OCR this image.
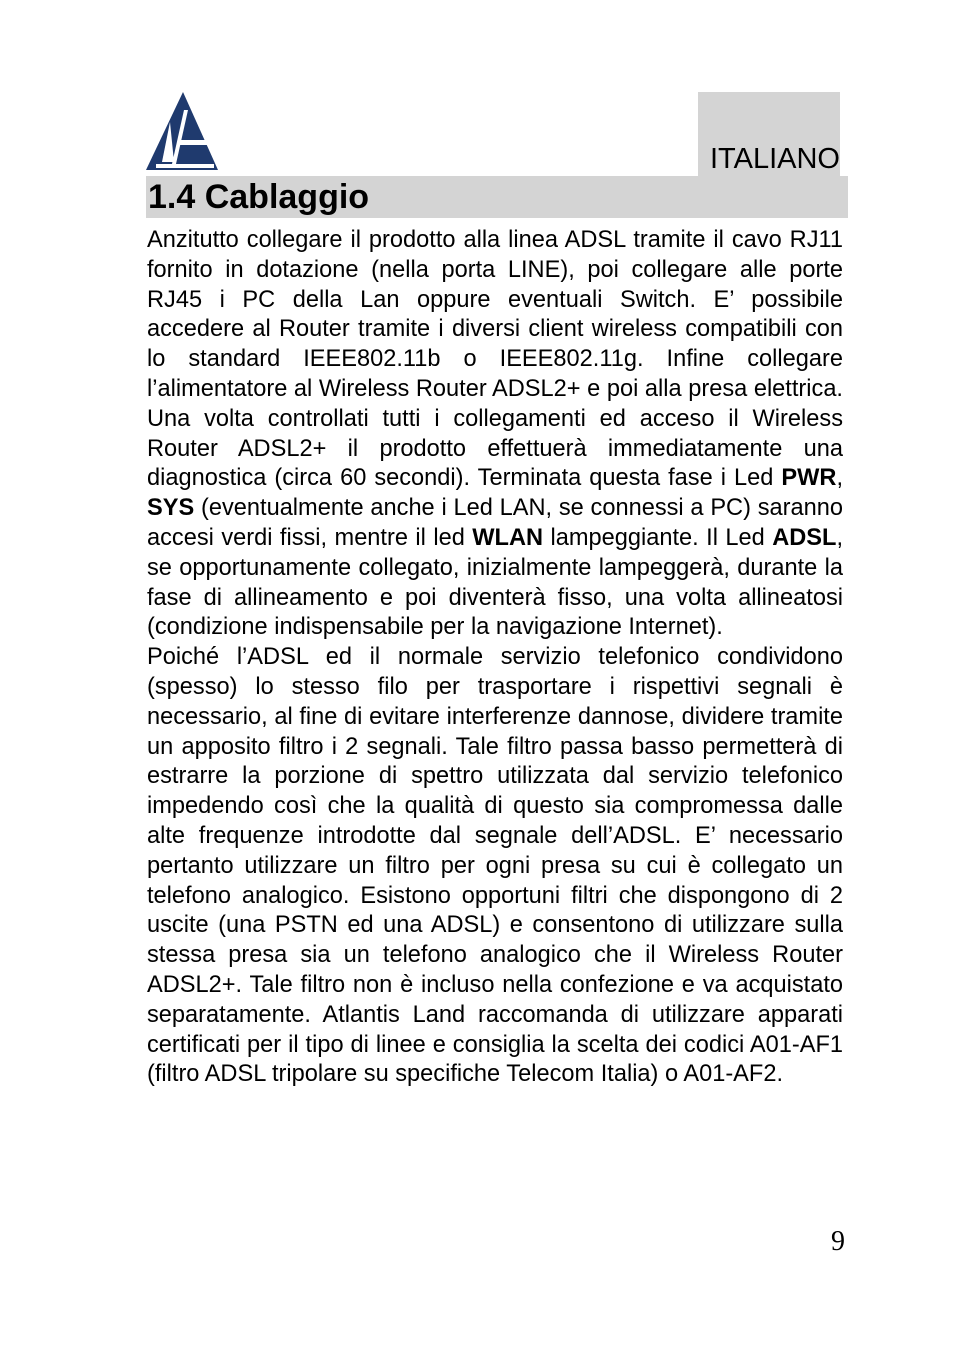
ITALIANO
1.4 Cablaggio

Anzitutto collegare il prodotto alla linea ADSL tramite il cavo RJ11 fornito in dotazione (nella porta LINE), poi collegare alle porte RJ45 i PC della Lan oppure eventuali Switch. E’ possibile accedere al Router tramite i diversi client wireless compatibili con lo standard IEEE802.11b o IEEE802.11g. Infine collegare l’alimentatore al Wireless Router ADSL2+ e poi alla presa elettrica. Una volta controllati tutti i collegamenti ed acceso il Wireless Router ADSL2+ il prodotto effettuerà immediatamente una diagnostica (circa 60 secondi). Terminata questa fase i Led PWR, SYS (eventualmente anche i Led LAN, se connessi a PC) saranno accesi verdi fissi, mentre il led WLAN lampeggiante. Il Led ADSL, se opportunamente collegato, inizialmente lampeggerà, durante la fase di allineamento e poi diventerà fisso, una volta allineatosi (condizione indispensabile per la navigazione Internet).

Poiché l’ADSL ed il normale servizio telefonico condividono (spesso) lo stesso filo per trasportare i rispettivi segnali è necessario, al fine di evitare interferenze dannose, dividere tramite un apposito filtro i 2 segnali. Tale filtro passa basso permetterà di estrarre la porzione di spettro utilizzata dal servizio telefonico impedendo così che la qualità di questo sia compromessa dalle alte frequenze introdotte dal segnale dell’ADSL. E’ necessario pertanto utilizzare un filtro per ogni presa su cui è collegato un telefono analogico. Esistono opportuni filtri che dispongono di 2 uscite (una PSTN ed una ADSL) e consentono di utilizzare sulla stessa presa sia un telefono analogico che il Wireless Router ADSL2+. Tale filtro non è incluso nella confezione e va acquistato separatamente. Atlantis Land raccomanda di utilizzare apparati certificati per il tipo di linee e consiglia la scelta dei codici A01-AF1 (filtro ADSL tripolare su specifiche Telecom Italia) o A01-AF2.

9
